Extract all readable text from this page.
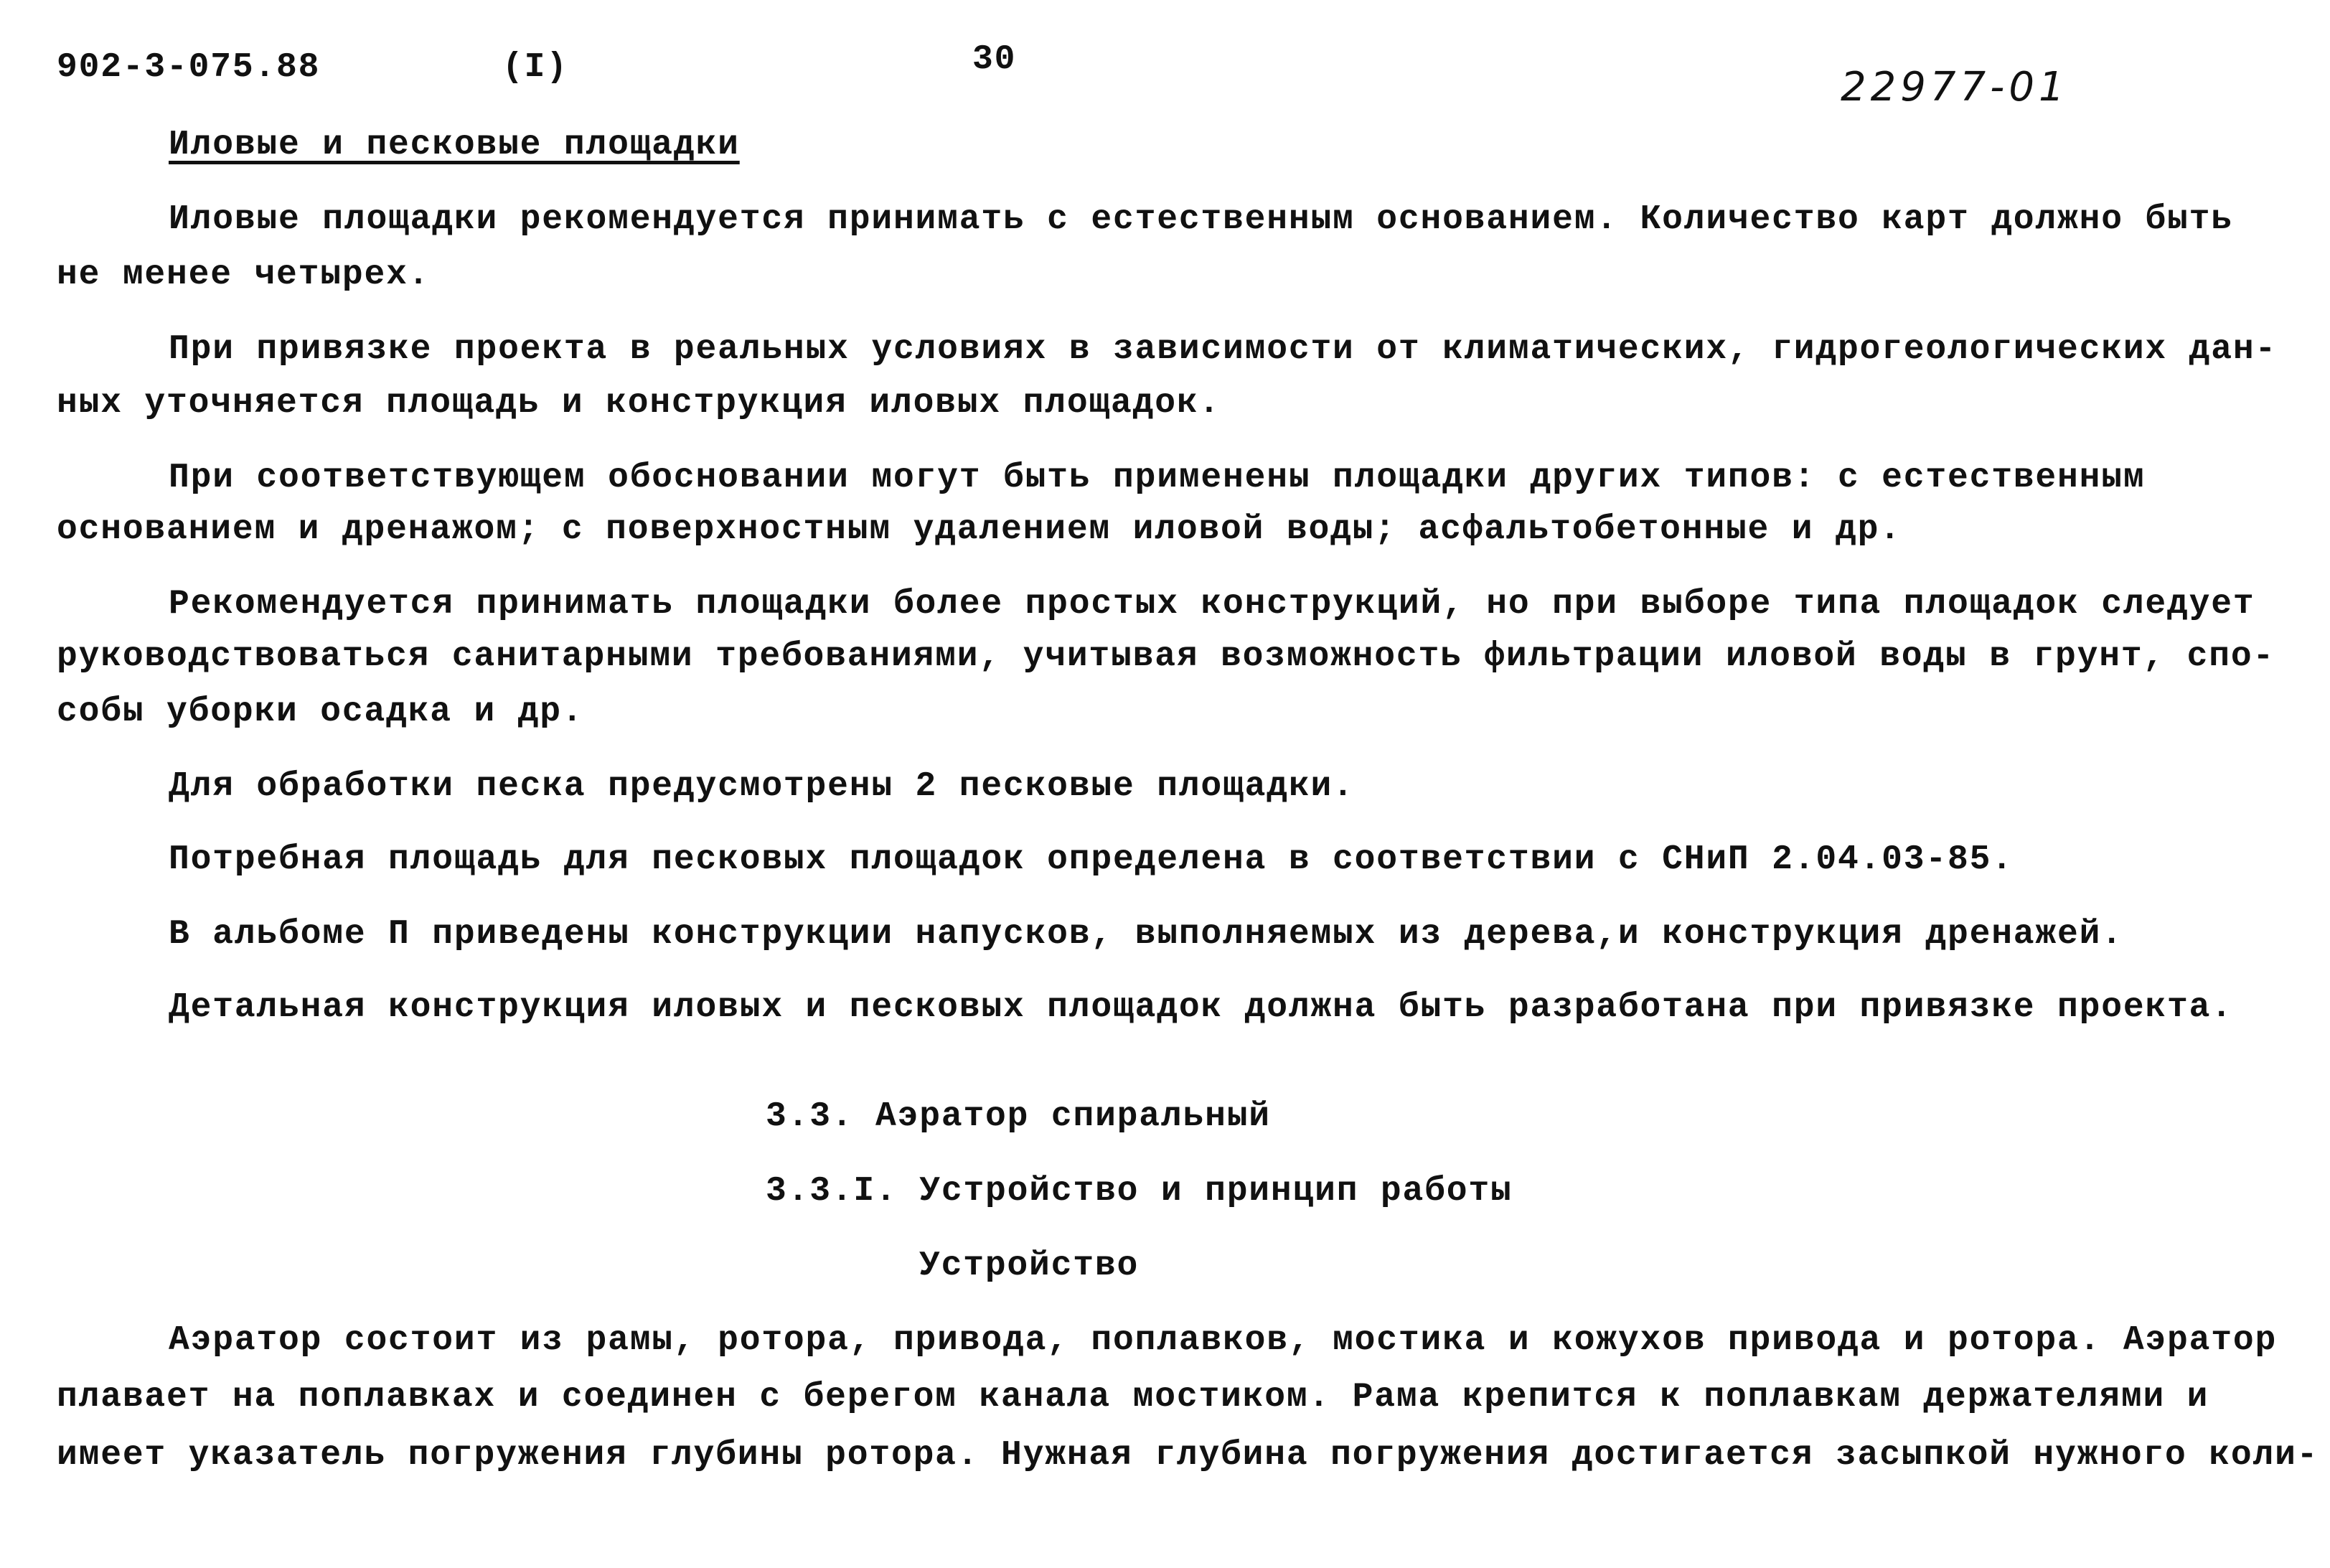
902-3-075.88	(I)	30
22977-01
Иловые и песковые площадки
Иловые площадки рекомендуется принимать с естественным основанием. Количество карт должно быть
не менее четырех.
При привязке проекта в реальных условиях в зависимости от климатических, гидрогеологических дан-
ных уточняется площадь и конструкция иловых площадок.
При соответствующем обосновании могут быть применены площадки других типов: с естественным
основанием и дренажом; с поверхностным удалением иловой воды; асфальтобетонные и др.
Рекомендуется принимать площадки более простых конструкций, но при выборе типа площадок следует
руководствоваться санитарными требованиями, учитывая возможность фильтрации иловой воды в грунт, спо-
собы уборки осадка и др.
Для обработки песка предусмотрены 2 песковые площадки.
Потребная площадь для песковых площадок определена в соответствии с СНиП 2.04.03-85.
В альбоме П приведены конструкции напусков, выполняемых из дерева,и конструкция дренажей.
Детальная конструкция иловых и песковых площадок должна быть разработана при привязке проекта.
3.3. Аэратор спиральный
3.3.I. Устройство и принцип работы
Устройство
Аэратор состоит из рамы, ротора, привода, поплавков, мостика и кожухов привода и ротора. Аэратор
плавает на поплавках и соединен с берегом канала мостиком. Рама крепится к поплавкам держателями и
имеет указатель погружения глубины ротора. Нужная глубина погружения достигается засыпкой нужного коли-
